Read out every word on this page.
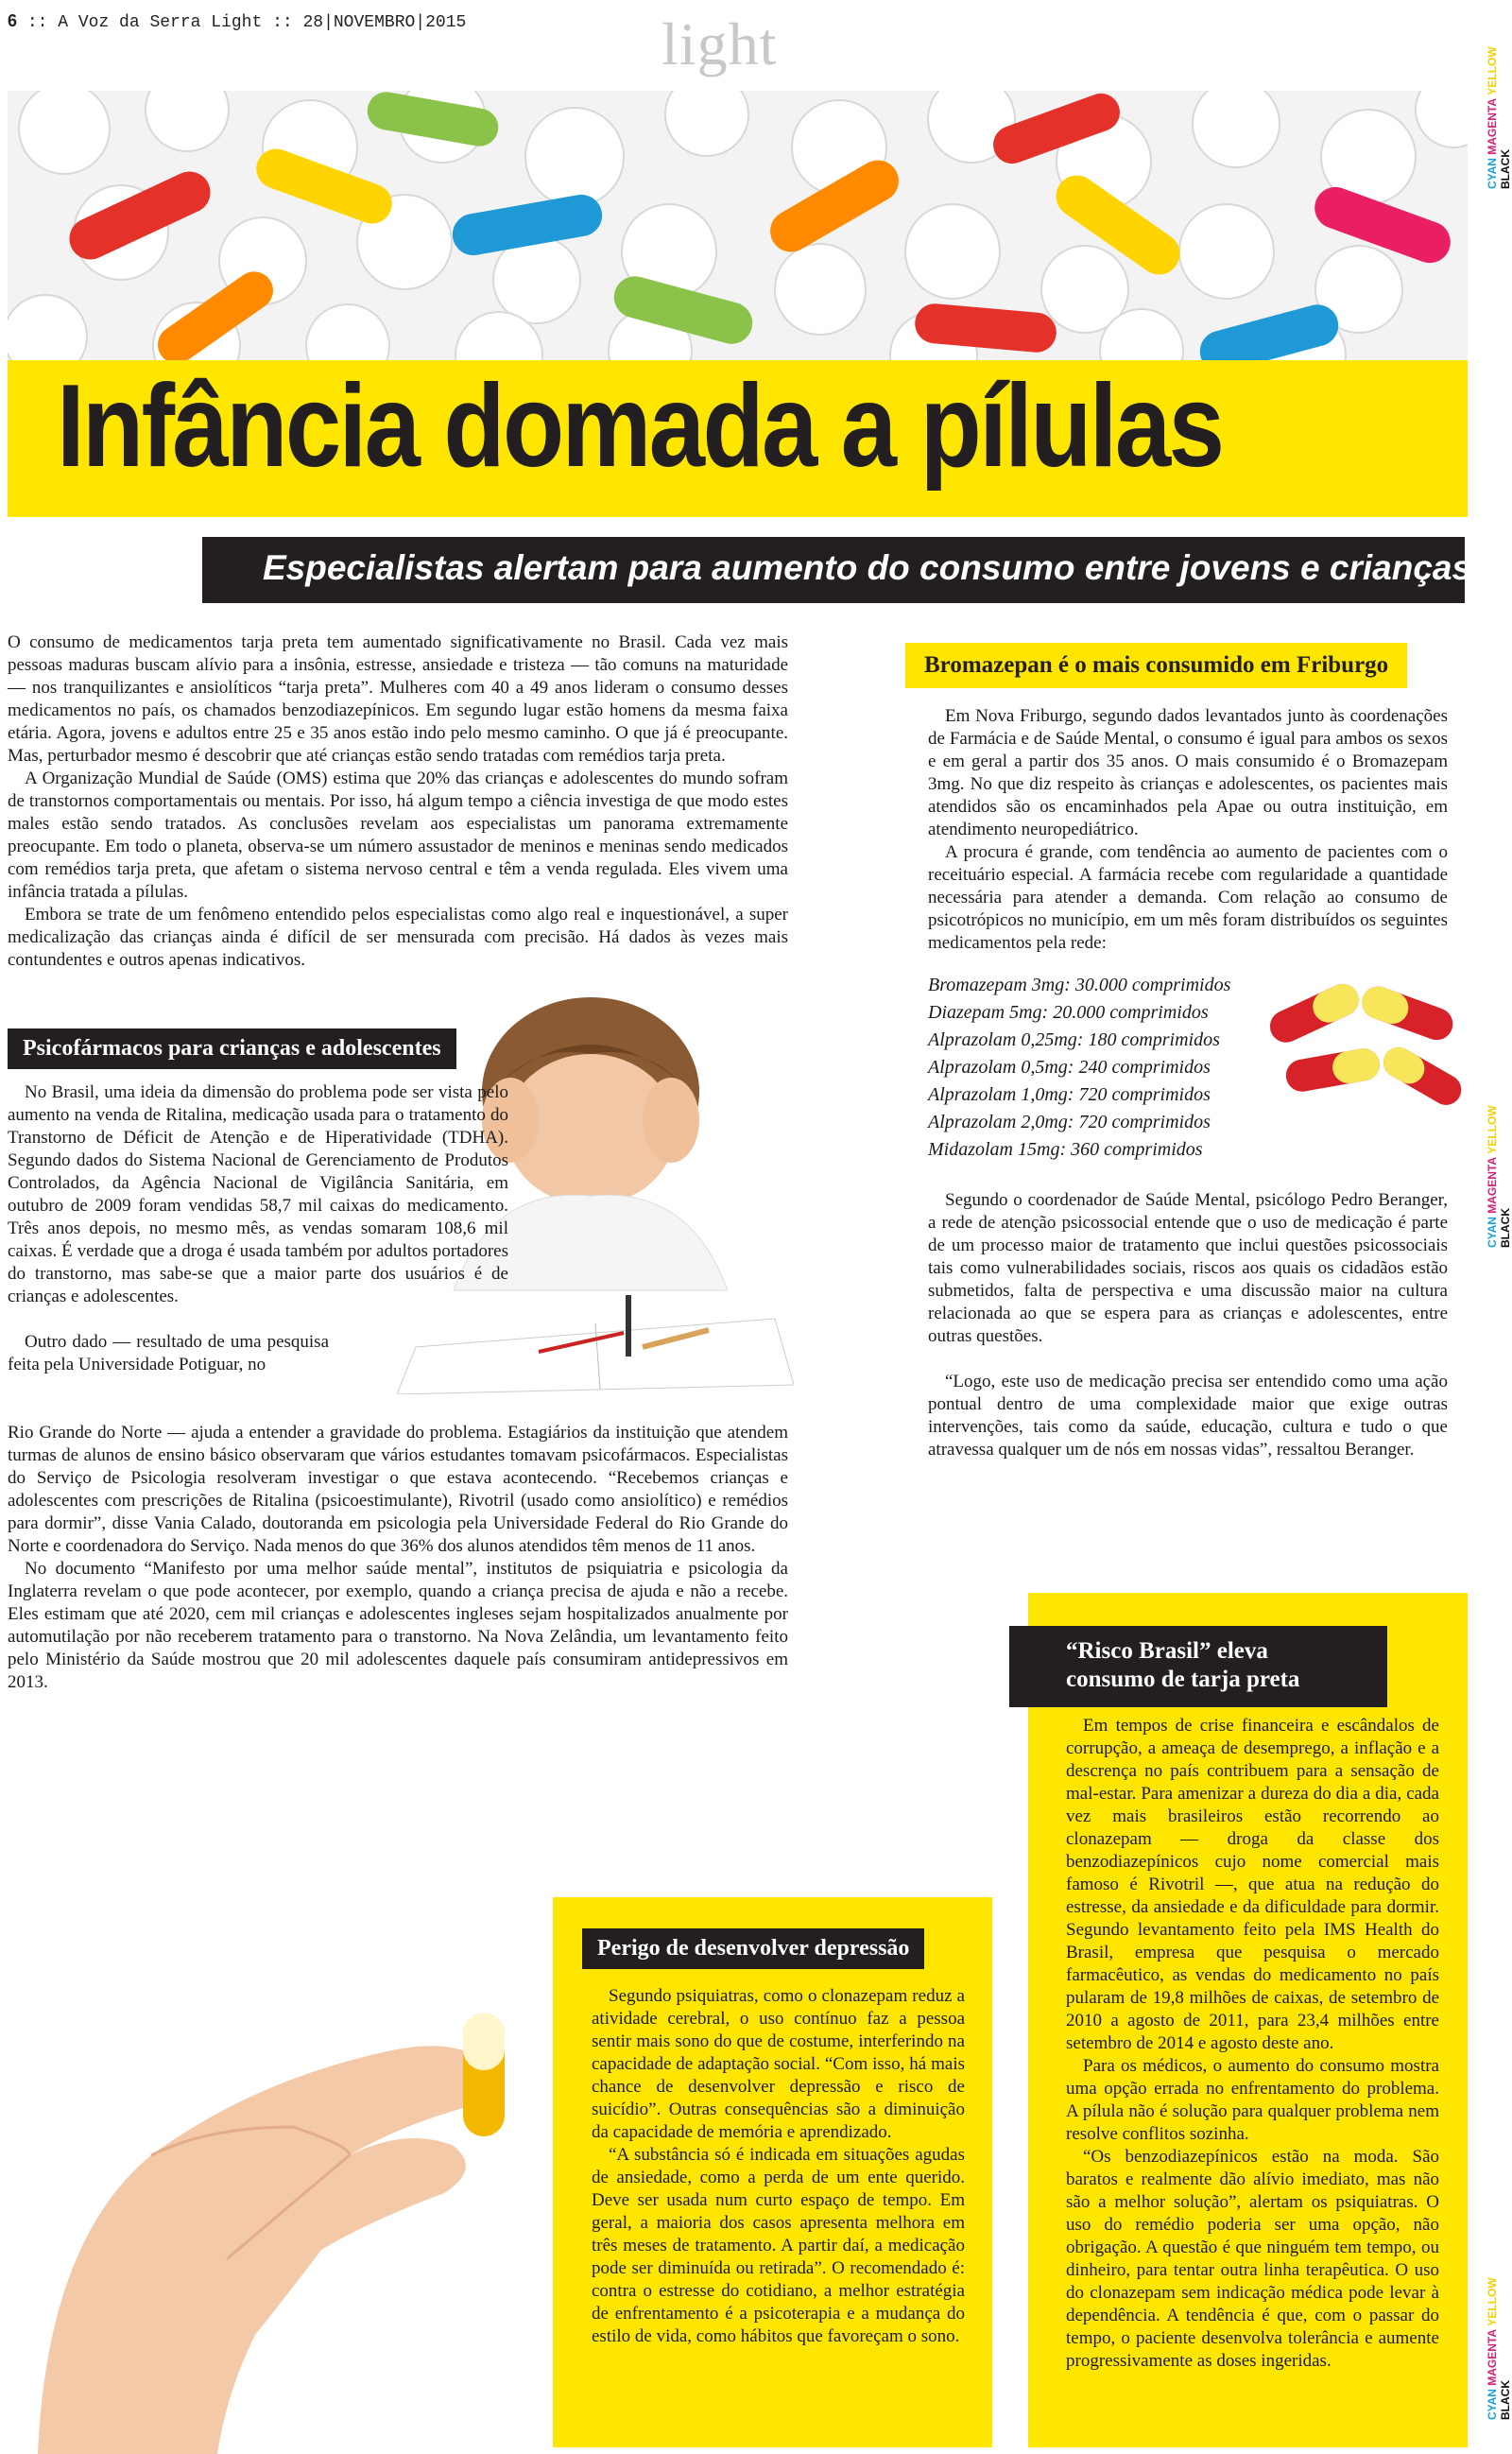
6 :: A Voz da Serra Light :: 28|NOVEMBRO|2015	light
CYAN MAGENTA YELLOW BLACK
CYAN MAGENTA YELLOW BLACK
CYAN MAGENTA YELLOW BLACK
Infância domada a pílulas
Especialistas alertam para aumento do consumo entre jovens e crianças

O consumo de medicamentos tarja preta tem aumentado significativamente no Brasil. Cada vez mais pessoas maduras buscam alívio para a insônia, estresse, ansiedade e tristeza — tão comuns na maturidade — nos tranquilizantes e ansiolíticos “tarja preta”. Mulheres com 40 a 49 anos lideram o consumo desses medicamentos no país, os chamados benzodiazepínicos. Em segundo lugar estão homens da mesma faixa etária. Agora, jovens e adultos entre 25 e 35 anos estão indo pelo mesmo caminho. O que já é preocupante. Mas, perturbador mesmo é descobrir que até crianças estão sendo tratadas com remédios tarja preta.

A Organização Mundial de Saúde (OMS) estima que 20% das crianças e adolescentes do mundo sofram de transtornos comportamentais ou mentais. Por isso, há algum tempo a ciência investiga de que modo estes males estão sendo tratados. As conclusões revelam aos especialistas um panorama extremamente preocupante. Em todo o planeta, observa-se um número assustador de meninos e meninas sendo medicados com remédios tarja preta, que afetam o sistema nervoso central e têm a venda regulada. Eles vivem uma infância tratada a pílulas.

Embora se trate de um fenômeno entendido pelos especialistas como algo real e inquestionável, a super medicalização das crianças ainda é difícil de ser mensurada com precisão. Há dados às vezes mais contundentes e outros apenas indicativos.

Psicofármacos para crianças e adolescentes

No Brasil, uma ideia da dimensão do problema pode ser vista pelo aumento na venda de Ritalina, medicação usada para o tratamento do Transtorno de Déficit de Atenção e de Hiperatividade (TDHA). Segundo dados do Sistema Nacional de Gerenciamento de Produtos Controlados, da Agência Nacional de Vigilância Sanitária, em outubro de 2009 foram vendidas 58,7 mil caixas do medicamento. Três anos depois, no mesmo mês, as vendas somaram 108,6 mil caixas. É verdade que a droga é usada também por adultos portadores do transtorno, mas sabe-se que a maior parte dos usuários é de crianças e adolescentes.

Outro dado — resultado de uma pesquisa feita pela Universidade Potiguar, no

Rio Grande do Norte — ajuda a entender a gravidade do problema. Estagiários da instituição que atendem turmas de alunos de ensino básico observaram que vários estudantes tomavam psicofármacos. Especialistas do Serviço de Psicologia resolveram investigar o que estava acontecendo. “Recebemos crianças e adolescentes com prescrições de Ritalina (psicoestimulante), Rivotril (usado como ansiolítico) e remédios para dormir”, disse Vania Calado, doutoranda em psicologia pela Universidade Federal do Rio Grande do Norte e coordenadora do Serviço. Nada menos do que 36% dos alunos atendidos têm menos de 11 anos.

No documento “Manifesto por uma melhor saúde mental”, institutos de psiquiatria e psicologia da Inglaterra revelam o que pode acontecer, por exemplo, quando a criança precisa de ajuda e não a recebe. Eles estimam que até 2020, cem mil crianças e adolescentes ingleses sejam hospitalizados anualmente por automutilação por não receberem tratamento para o transtorno. Na Nova Zelândia, um levantamento feito pelo Ministério da Saúde mostrou que 20 mil adolescentes daquele país consumiram antidepressivos em 2013.

Bromazepan é o mais consumido em Friburgo

Em Nova Friburgo, segundo dados levantados junto às coordenações de Farmácia e de Saúde Mental, o consumo é igual para ambos os sexos e em geral a partir dos 35 anos. O mais consumido é o Bromazepam 3mg. No que diz respeito às crianças e adolescentes, os pacientes mais atendidos são os encaminhados pela Apae ou outra instituição, em atendimento neuropediátrico.

A procura é grande, com tendência ao aumento de pacientes com o receituário especial. A farmácia recebe com regularidade a quantidade necessária para atender a demanda. Com relação ao consumo de psicotrópicos no município, em um mês foram distribuídos os seguintes medicamentos pela rede:

Bromazepam 3mg: 30.000 comprimidos
Diazepam 5mg: 20.000 comprimidos
Alprazolam 0,25mg: 180 comprimidos
Alprazolam 0,5mg: 240 comprimidos
Alprazolam 1,0mg: 720 comprimidos
Alprazolam 2,0mg: 720 comprimidos
Midazolam 15mg: 360 comprimidos

Segundo o coordenador de Saúde Mental, psicólogo Pedro Beranger, a rede de atenção psicossocial entende que o uso de medicação é parte de um processo maior de tratamento que inclui questões psicossociais tais como vulnerabilidades sociais, riscos aos quais os cidadãos estão submetidos, falta de perspectiva e uma discussão maior na cultura relacionada ao que se espera para as crianças e adolescentes, entre outras questões.

“Logo, este uso de medicação precisa ser entendido como uma ação pontual dentro de uma complexidade maior que exige outras intervenções, tais como da saúde, educação, cultura e tudo o que atravessa qualquer um de nós em nossas vidas”, ressaltou Beranger.

“Risco Brasil” eleva
consumo de tarja preta

Em tempos de crise financeira e escândalos de corrupção, a ameaça de desemprego, a inflação e a descrença no país contribuem para a sensação de mal-estar. Para amenizar a dureza do dia a dia, cada vez mais brasileiros estão recorrendo ao clonazepam — droga da classe dos benzodiazepínicos cujo nome comercial mais famoso é Rivotril —, que atua na redução do estresse, da ansiedade e da dificuldade para dormir. Segundo levantamento feito pela IMS Health do Brasil, empresa que pesquisa o mercado farmacêutico, as vendas do medicamento no país pularam de 19,8 milhões de caixas, de setembro de 2010 a agosto de 2011, para 23,4 milhões entre setembro de 2014 e agosto deste ano.

Para os médicos, o aumento do consumo mostra uma opção errada no enfrentamento do problema. A pílula não é solução para qualquer problema nem resolve conflitos sozinha.

“Os benzodiazepínicos estão na moda. São baratos e realmente dão alívio imediato, mas não são a melhor solução”, alertam os psiquiatras. O uso do remédio poderia ser uma opção, não obrigação. A questão é que ninguém tem tempo, ou dinheiro, para tentar outra linha terapêutica. O uso do clonazepam sem indicação médica pode levar à dependência. A tendência é que, com o passar do tempo, o paciente desenvolva tolerância e aumente progressivamente as doses ingeridas.

Perigo de desenvolver depressão

Segundo psiquiatras, como o clonazepam reduz a atividade cerebral, o uso contínuo faz a pessoa sentir mais sono do que de costume, interferindo na capacidade de adaptação social. “Com isso, há mais chance de desenvolver depressão e risco de suicídio”. Outras consequências são a diminuição da capacidade de memória e aprendizado.

“A substância só é indicada em situações agudas de ansiedade, como a perda de um ente querido. Deve ser usada num curto espaço de tempo. Em geral, a maioria dos casos apresenta melhora em três meses de tratamento. A partir daí, a medicação pode ser diminuída ou retirada”. O recomendado é: contra o estresse do cotidiano, a melhor estratégia de enfrentamento é a psicoterapia e a mudança do estilo de vida, como hábitos que favoreçam o sono.
